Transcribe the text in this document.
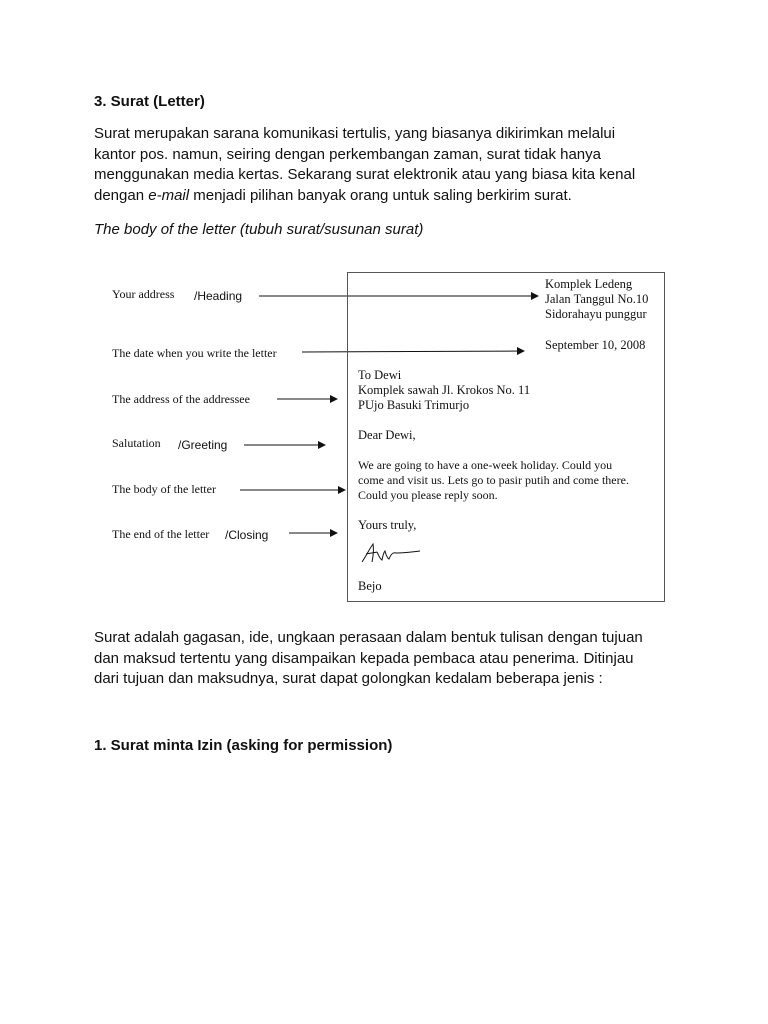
3. Surat (Letter)
Surat merupakan sarana komunikasi tertulis, yang biasanya dikirimkan melalui
kantor pos. namun, seiring dengan perkembangan zaman, surat tidak hanya
menggunakan media kertas. Sekarang surat elektronik atau yang biasa kita kenal
dengan e-mail menjadi pilihan banyak orang untuk saling berkirim surat.
The body of the letter (tubuh surat/susunan surat)
Your address /Heading
The date when you write the letter
The address of the addressee
Salutation /Greeting
The body of the letter
The end of the letter /Closing
Komplek Ledeng
Jalan Tanggul No.10
Sidorahayu punggur
September 10, 2008
To Dewi
Komplek sawah Jl. Krokos No. 11
PUjo Basuki Trimurjo
Dear Dewi,
We are going to have a one-week holiday. Could you
come and visit us. Lets go to pasir putih and come there.
Could you please reply soon.
Yours truly,
Bejo
Surat adalah gagasan, ide, ungkaan perasaan dalam bentuk tulisan dengan tujuan
dan maksud tertentu yang disampaikan kepada pembaca atau penerima. Ditinjau
dari tujuan dan maksudnya, surat dapat golongkan kedalam beberapa jenis :
1. Surat minta Izin (asking for permission)
